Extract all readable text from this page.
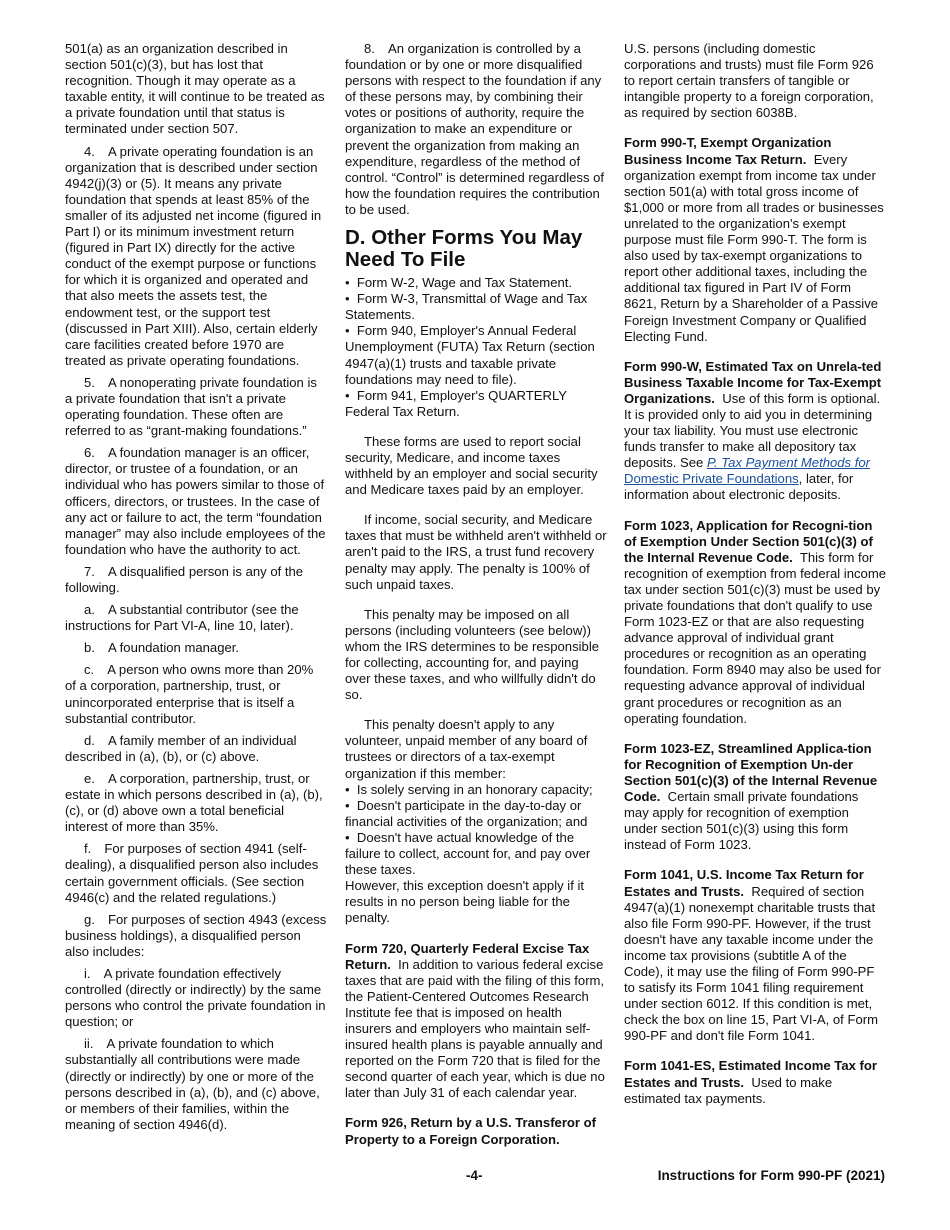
501(a) as an organization described in section 501(c)(3), but has lost that recognition. Though it may operate as a taxable entity, it will continue to be treated as a private foundation until that status is terminated under section 507.

4. A private operating foundation is an organization that is described under section 4942(j)(3) or (5). It means any private foundation that spends at least 85% of the smaller of its adjusted net income (figured in Part I) or its minimum investment return (figured in Part IX) directly for the active conduct of the exempt purpose or functions for which it is organized and operated and that also meets the assets test, the endowment test, or the support test (discussed in Part XIII). Also, certain elderly care facilities created before 1970 are treated as private operating foundations.

5. A nonoperating private foundation is a private foundation that isn't a private operating foundation. These often are referred to as “grant-making foundations.”

6. A foundation manager is an officer, director, or trustee of a foundation, or an individual who has powers similar to those of officers, directors, or trustees. In the case of any act or failure to act, the term “foundation manager” may also include employees of the foundation who have the authority to act.

7. A disqualified person is any of the following.

a. A substantial contributor (see the instructions for Part VI-A, line 10, later).

b. A foundation manager.

c. A person who owns more than 20% of a corporation, partnership, trust, or unincorporated enterprise that is itself a substantial contributor.

d. A family member of an individual described in (a), (b), or (c) above.

e. A corporation, partnership, trust, or estate in which persons described in (a), (b), (c), or (d) above own a total beneficial interest of more than 35%.

f. For purposes of section 4941 (self-dealing), a disqualified person also includes certain government officials. (See section 4946(c) and the related regulations.)

g. For purposes of section 4943 (excess business holdings), a disqualified person also includes:

i. A private foundation effectively controlled (directly or indirectly) by the same persons who control the private foundation in question; or

ii. A private foundation to which substantially all contributions were made (directly or indirectly) by one or more of the persons described in (a), (b), and (c) above, or members of their families, within the meaning of section 4946(d).

8. An organization is controlled by a foundation or by one or more disqualified persons with respect to the foundation if any of these persons may, by combining their votes or positions of authority, require the organization to make an expenditure or prevent the organization from making an expenditure, regardless of the method of control. “Control” is determined regardless of how the foundation requires the contribution to be used.

D. Other Forms You May Need To File
•  Form W-2, Wage and Tax Statement.
•  Form W-3, Transmittal of Wage and Tax Statements.
•  Form 940, Employer's Annual Federal Unemployment (FUTA) Tax Return (section 4947(a)(1) trusts and taxable private foundations may need to file).
•  Form 941, Employer's QUARTERLY Federal Tax Return.

These forms are used to report social security, Medicare, and income taxes withheld by an employer and social security and Medicare taxes paid by an employer.

If income, social security, and Medicare taxes that must be withheld aren't withheld or aren't paid to the IRS, a trust fund recovery penalty may apply. The penalty is 100% of such unpaid taxes.

This penalty may be imposed on all persons (including volunteers (see below)) whom the IRS determines to be responsible for collecting, accounting for, and paying over these taxes, and who willfully didn't do so.

This penalty doesn't apply to any volunteer, unpaid member of any board of trustees or directors of a tax-exempt organization if this member:

•  Is solely serving in an honorary capacity;
•  Doesn't participate in the day-to-day or financial activities of the organization; and
•  Doesn't have actual knowledge of the failure to collect, account for, and pay over these taxes.

However, this exception doesn't apply if it results in no person being liable for the penalty.

Form 720, Quarterly Federal Excise Tax Return. In addition to various federal excise taxes that are paid with the filing of this form, the Patient-Centered Outcomes Research Institute fee that is imposed on health insurers and employers who maintain self-insured health plans is payable annually and reported on the Form 720 that is filed for the second quarter of each year, which is due no later than July 31 of each calendar year.

Form 926, Return by a U.S. Transferor of Property to a Foreign Corporation.

U.S. persons (including domestic corporations and trusts) must file Form 926 to report certain transfers of tangible or intangible property to a foreign corporation, as required by section 6038B.

Form 990-T, Exempt Organization Business Income Tax Return. Every organization exempt from income tax under section 501(a) with total gross income of $1,000 or more from all trades or businesses unrelated to the organization's exempt purpose must file Form 990-T. The form is also used by tax-exempt organizations to report other additional taxes, including the additional tax figured in Part IV of Form 8621, Return by a Shareholder of a Passive Foreign Investment Company or Qualified Electing Fund.

Form 990-W, Estimated Tax on Unrela-ted Business Taxable Income for Tax-Exempt Organizations. Use of this form is optional. It is provided only to aid you in determining your tax liability. You must use electronic funds transfer to make all depository tax deposits. See P. Tax Payment Methods for Domestic Private Foundations, later, for information about electronic deposits.

Form 1023, Application for Recogni-tion of Exemption Under Section 501(c)(3) of the Internal Revenue Code. This form for recognition of exemption from federal income tax under section 501(c)(3) must be used by private foundations that don't qualify to use Form 1023-EZ or that are also requesting advance approval of individual grant procedures or recognition as an operating foundation. Form 8940 may also be used for requesting advance approval of individual grant procedures or recognition as an operating foundation.

Form 1023-EZ, Streamlined Applica-tion for Recognition of Exemption Un-der Section 501(c)(3) of the Internal Revenue Code. Certain small private foundations may apply for recognition of exemption under section 501(c)(3) using this form instead of Form 1023.

Form 1041, U.S. Income Tax Return for Estates and Trusts. Required of section 4947(a)(1) nonexempt charitable trusts that also file Form 990-PF. However, if the trust doesn't have any taxable income under the income tax provisions (subtitle A of the Code), it may use the filing of Form 990-PF to satisfy its Form 1041 filing requirement under section 6012. If this condition is met, check the box on line 15, Part VI-A, of Form 990-PF and don't file Form 1041.

Form 1041-ES, Estimated Income Tax for Estates and Trusts. Used to make estimated tax payments.

-4-	Instructions for Form 990-PF (2021)
